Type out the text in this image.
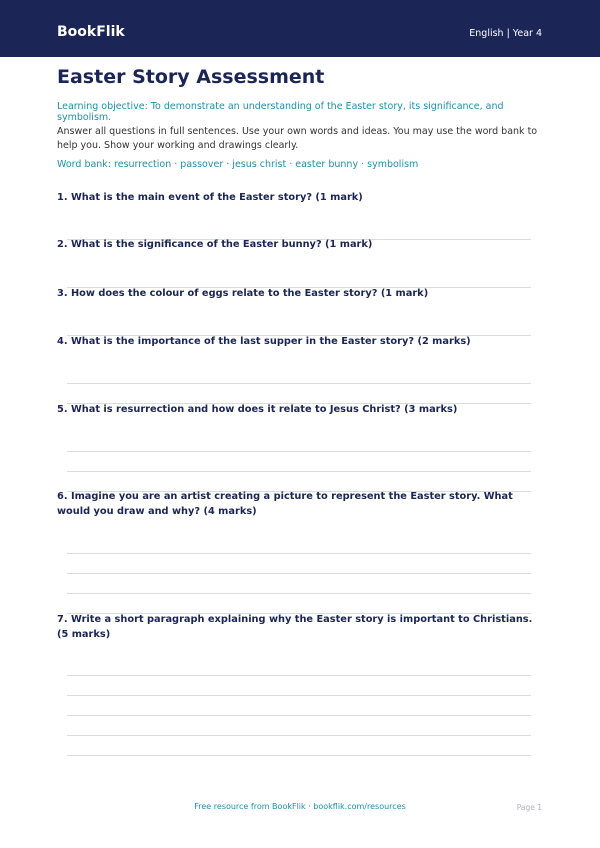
BookFlik	English | Year 4
Easter Story Assessment

Learning objective: To demonstrate an understanding of the Easter story, its significance, and symbolism.

Answer all questions in full sentences. Use your own words and ideas. You may use the word bank to help you. Show your working and drawings clearly.

Word bank: resurrection · passover · jesus christ · easter bunny · symbolism

1. What is the main event of the Easter story? (1 mark)

2. What is the significance of the Easter bunny? (1 mark)

3. How does the colour of eggs relate to the Easter story? (1 mark)

4. What is the importance of the last supper in the Easter story? (2 marks)

5. What is resurrection and how does it relate to Jesus Christ? (3 marks)

6. Imagine you are an artist creating a picture to represent the Easter story. What would you draw and why? (4 marks)

7. Write a short paragraph explaining why the Easter story is important to Christians. (5 marks)

Free resource from BookFlik · bookflik.com/resources	Page 1
